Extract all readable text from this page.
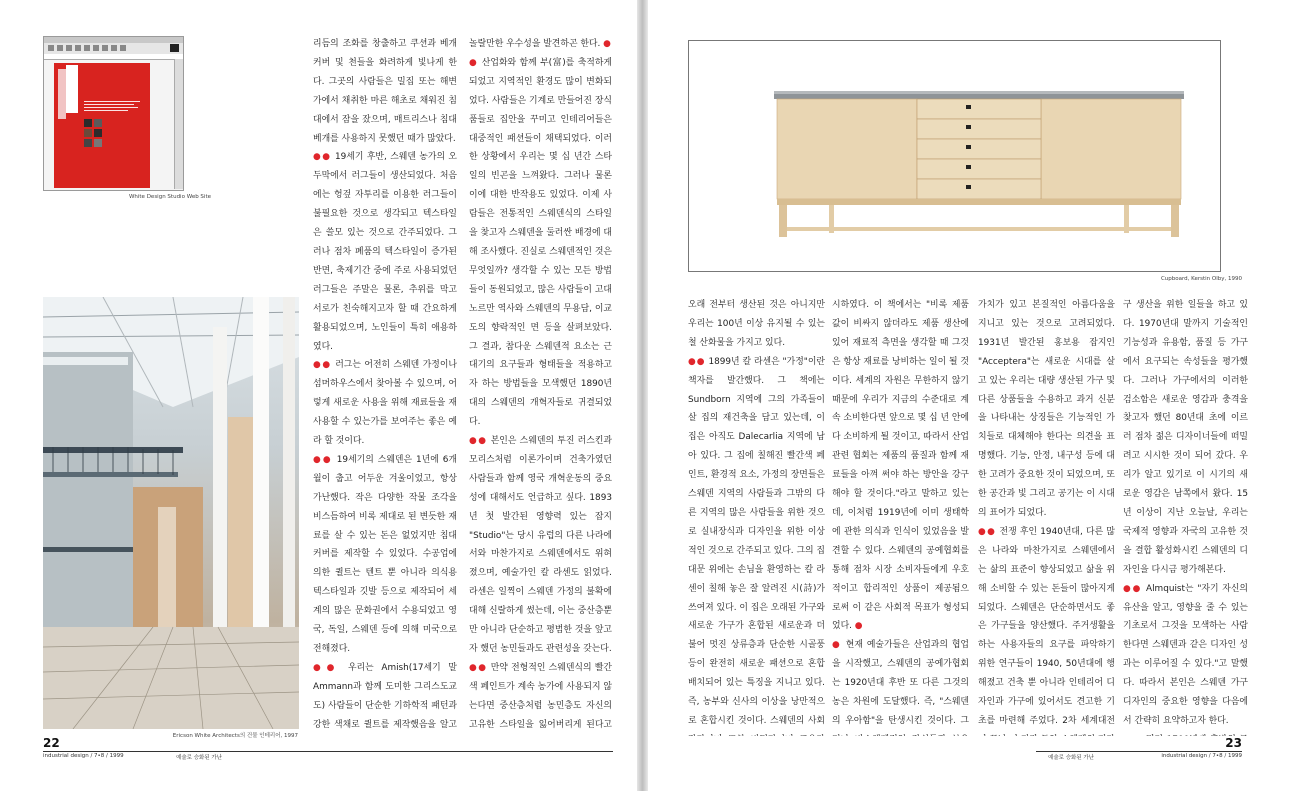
White Design Studio Web Site
Ericson White Architects의 건물 인테리어, 1997

리듬의 조화를 창출하고 쿠션과 베개 커버 및 천들을 화려하게 빛나게 한다. 그곳의 사람들은 밀집 또는 해변가에서 채취한 마른 해초로 채워진 침대에서 잠을 잤으며, 매트리스나 침대 베개를 사용하지 못했던 때가 많았다.

●● 19세기 후반, 스웨덴 농가의 오두막에서 러그들이 생산되었다. 처음에는 헝겊 자투리를 이용한 러그들이 불필요한 것으로 생각되고 텍스타일은 쓸모 있는 것으로 간주되었다. 그러나 점차 폐품의 텍스타일이 증가된 반면, 축제기간 중에 주로 사용되었던 러그들은 주말은 물론, 추위를 막고 서로가 친숙해지고자 할 때 간요하게 활용되었으며, 노인들이 특히 애용하였다.

●● 러그는 어전히 스웨덴 가정이나 섬머하우스에서 찾아볼 수 있으며, 어렇게 새로운 사용을 위해 재료들을 재사용할 수 있는가를 보여주는 좋은 예라 할 것이다.

●● 19세기의 스웨덴은 1년에 6개월이 춥고 어두운 겨울이었고, 항상 가난했다. 작은 다양한 작물 조각을 비스듬하여 비록 제대로 된 변듯한 재료를 살 수 있는 돈은 없었지만 침대 커버를 제작할 수 있었다. 수공업에 의한 퀼트는 텐트 뿐 아니라 의식용 텍스타일과 깃발 등으로 제작되어 세계의 많은 문화권에서 수용되었고 영국, 독일, 스웨덴 등에 의해 미국으로 전해졌다.

●● 우리는 Amish(17세기 말 Ammann과 함께 도미한 그리스도교도) 사람들이 단순한 기하학적 패턴과 강한 색채로 퀼트를 제작했음을 알고

놀랄만한 우수성을 발견하곤 한다. ●

● 산업화와 함께 부(富)를 축적하게 되었고 지역적인 환경도 많이 변화되었다. 사람들은 기계로 만들어진 장식 품들로 집안을 꾸미고 인테리어들은 대중적인 패션들이 채택되었다. 이러한 상황에서 우리는 몇 십 년간 스타일의 빈곤을 느껴왔다. 그러나 물론 이에 대한 반작용도 있었다. 이제 사람들은 전통적인 스웨덴식의 스타일을 찾고자 스웨덴을 둘러싼 배경에 대해 조사했다. 진실로 스웨덴적인 것은 무엇일까? 생각할 수 있는 모든 방법들이 동원되었고, 많은 사람들이 고대 노르만 역사와 스웨덴의 무용담, 이교도의 향락적인 면 등을 살펴보았다. 그 결과, 참다운 스웨덴적 요소는 근대기의 요구들과 형태들을 적용하고자 하는 방법들을 모색했던 1890년대의 스웨덴의 개혁자들로 귀결되었다.

●● 본인은 스웨덴의 투진 러스킨과 모리스처럼 이론가이며 건축가였던 사람들과 함께 영국 개혁운동의 중요성에 대해서도 언급하고 싶다. 1893년 첫 발간된 영향력 있는 잡지 "Studio"는 당시 유럽의 다른 나라에서와 마찬가지로 스웨덴에서도 위혀졌으며, 예술가인 칼 라센도 읽었다. 라센은 일찍이 스웨덴 가정의 불확에 대해 신랄하게 썼는데, 이는 중산층뿐만 아니라 단순하고 평범한 것을 앞고자 했던 농민들과도 관련성을 갖는다.

●● 만약 전형적인 스웨덴식의 빨간색 페인트가 계속 농가에 사용되지 않는다면 중산층처럼 농민층도 자신의 고유한 스타일을 잃어버리게 된다고

22
industrial design / 7•8 / 1999	예술로 승화된 가난
Cupboard, Kerstin Olby, 1990

오래 전부터 생산된 것은 아니지만 우리는 100년 이상 유지될 수 있는 철 산화물을 가지고 있다.

●● 1899년 칼 라센은 "가정"이란 책자를 발간했다. 그 책에는 Sundborn 지역에 그의 가족들이 살 집의 재건축을 담고 있는데, 이 집은 아직도 Dalecarlia 지역에 남아 있다. 그 집에 칠해진 빨간색 페인트, 환경적 요소, 가정의 장면들은 스웨덴 지역의 사람들과 그밖의 다른 지역의 많은 사람들을 위한 것으로 실내장식과 디자인을 위한 이상적인 것으로 간주되고 있다. 그의 집 대문 위에는 손님을 환영하는 칼 라센이 칠해 놓은 잘 알려진 시(詩)가 쓰여져 있다. 이 집은 오래된 가구와 새로운 가구가 혼합된 새로운과 더불어 멋진 상류층과 단순한 시골풍 등이 완전히 새로운 패션으로 혼합 배치되어 있는 특징을 지니고 있다. 즉, 농부와 신사의 이상을 낭만적으로 혼합시킨 것이다. 스웨덴의 사회

시하였다. 이 책에서는 "비록 제품값이 비싸지 않더라도 제품 생산에 있어 재료적 측면을 생각할 때 그것은 항상 재료를 낭비하는 일이 될 것이다. 세계의 자원은 무한하지 않기 때문에 우리가 지금의 수준대로 계속 소비한다면 앞으로 몇 십 년 안에 다 소비하게 될 것이고, 따라서 산업 관련 협회는 제품의 품질과 함께 재료들을 아껴 써야 하는 방안을 강구해야 할 것이다."라고 말하고 있는데, 이처럼 1919년에 이미 생태학에 관한 의식과 인식이 있었음을 발견할 수 있다. 스웨덴의 공예협회를 통해 점차 시장 소비자들에게 우호적이고 합리적인 상품이 제공됨으로써 이 같은 사회적 목표가 형성되었다. ●

● 현재 예술가들은 산업과의 협업을 시작했고, 스웨덴의 공예가협회는 1920년대 후반 또 다른 그것의 농은 차원에 도달했다. 즉, "스웨덴의 우아함"을 탄생시킨 것이다. 그

가치가 있고 본질적인 아름다움을 지니고 있는 것으로 고려되었다. 1931년 발간된 홍보용 잡지인 "Acceptera"는 새로운 시대를 살고 있는 우리는 대량 생산된 가구 및 다른 상품들을 수용하고 과거 신분을 나타내는 상징들은 기능적인 가치들로 대체해야 한다는 의견을 표명했다. 기능, 안정, 내구성 등에 대한 고려가 중요한 것이 되었으며, 또한 공간과 빛 그리고 공기는 이 시대의 표어가 되었다.

●● 전쟁 후인 1940년대, 다른 많은 나라와 마찬가지로 스웨덴에서는 삶의 표준이 향상되었고 삶을 위해 소비할 수 있는 돈들이 많아지게 되었다. 스웨덴은 단순하면서도 좋은 가구들을 양산했다. 주거생활을 하는 사용자들의 요구를 파악하기 위한 연구들이 1940, 50년대에 행해졌고 건축 뿐 아니라 인테리어 디자인과 가구에 있어서도 견고한 기초를 마련해 주었다. 2차 세계대전

구 생산을 위한 일들을 하고 있다. 1970년대 말까지 기술적인 기능성과 유용함, 품질 등 가구에서 요구되는 속성들을 평가했다. 그러나 가구에서의 이러한 검소함은 새로운 영감과 충격을 찾고자 했던 80년대 초에 이르러 점차 젊은 디자이너들에 떠밀려고 시시한 것이 되어 갔다. 우리가 알고 있기로 이 시기의 새로운 영감은 남쪽에서 왔다. 15년 이상이 지난 오늘날, 우리는 국제적 영향과 자국의 고유한 것을 결합 활성화시킨 스웨덴의 디자인을 다시금 평가해본다.

●● Almquist는 "자기 자신의 유산을 알고, 영향을 줄 수 있는 기초로서 그것을 모색하는 사람한다면 스웨덴과 같은 디자인 성과는 이루어질 수 있다."고 말했다. 따라서 본인은 스웨덴 가구 디자인의 중요한 영향을 다음에서 간략히 요약하고자 한다.

23
예술로 승화된 가난	industrial design / 7•8 / 1999
